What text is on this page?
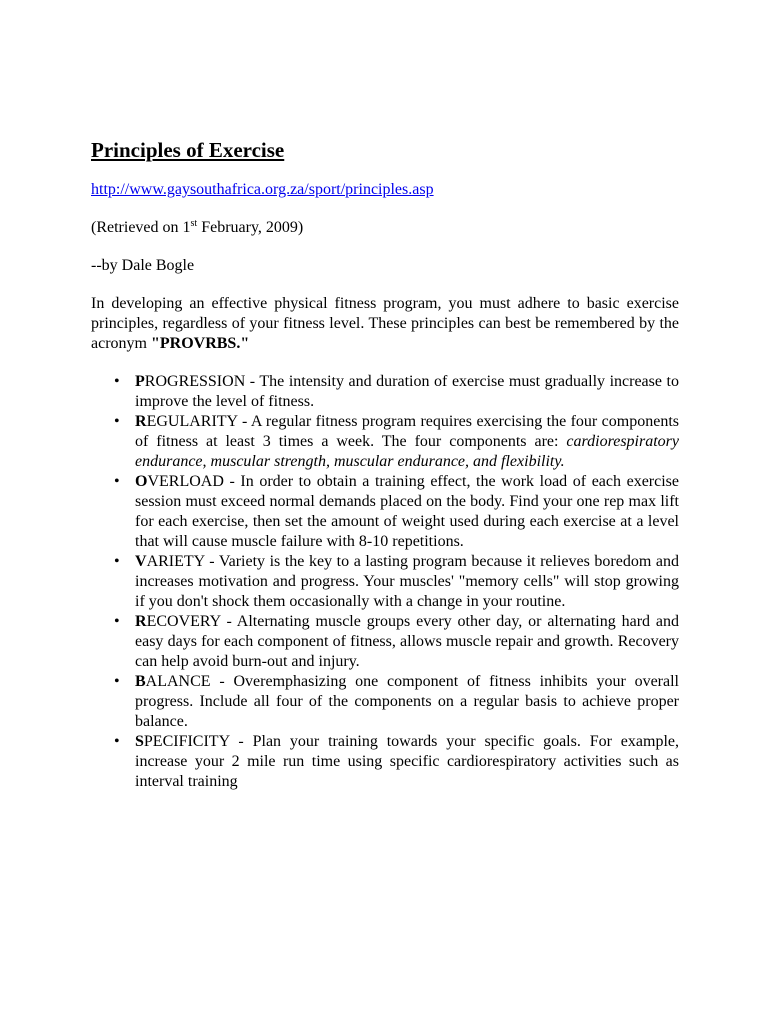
Principles of Exercise
http://www.gaysouthafrica.org.za/sport/principles.asp
(Retrieved on 1st February, 2009)
--by Dale Bogle

In developing an effective physical fitness program, you must adhere to basic exercise principles, regardless of your fitness level. These principles can best be remembered by the acronym "PROVRBS."

• PROGRESSION - The intensity and duration of exercise must gradually increase to improve the level of fitness.
• REGULARITY - A regular fitness program requires exercising the four components of fitness at least 3 times a week. The four components are: cardiorespiratory endurance, muscular strength, muscular endurance, and flexibility.
• OVERLOAD - In order to obtain a training effect, the work load of each exercise session must exceed normal demands placed on the body. Find your one rep max lift for each exercise, then set the amount of weight used during each exercise at a level that will cause muscle failure with 8-10 repetitions.
• VARIETY - Variety is the key to a lasting program because it relieves boredom and increases motivation and progress. Your muscles' "memory cells" will stop growing if you don't shock them occasionally with a change in your routine.
• RECOVERY - Alternating muscle groups every other day, or alternating hard and easy days for each component of fitness, allows muscle repair and growth. Recovery can help avoid burn-out and injury.
• BALANCE - Overemphasizing one component of fitness inhibits your overall progress. Include all four of the components on a regular basis to achieve proper balance.
• SPECIFICITY - Plan your training towards your specific goals. For example, increase your 2 mile run time using specific cardiorespiratory activities such as interval training
